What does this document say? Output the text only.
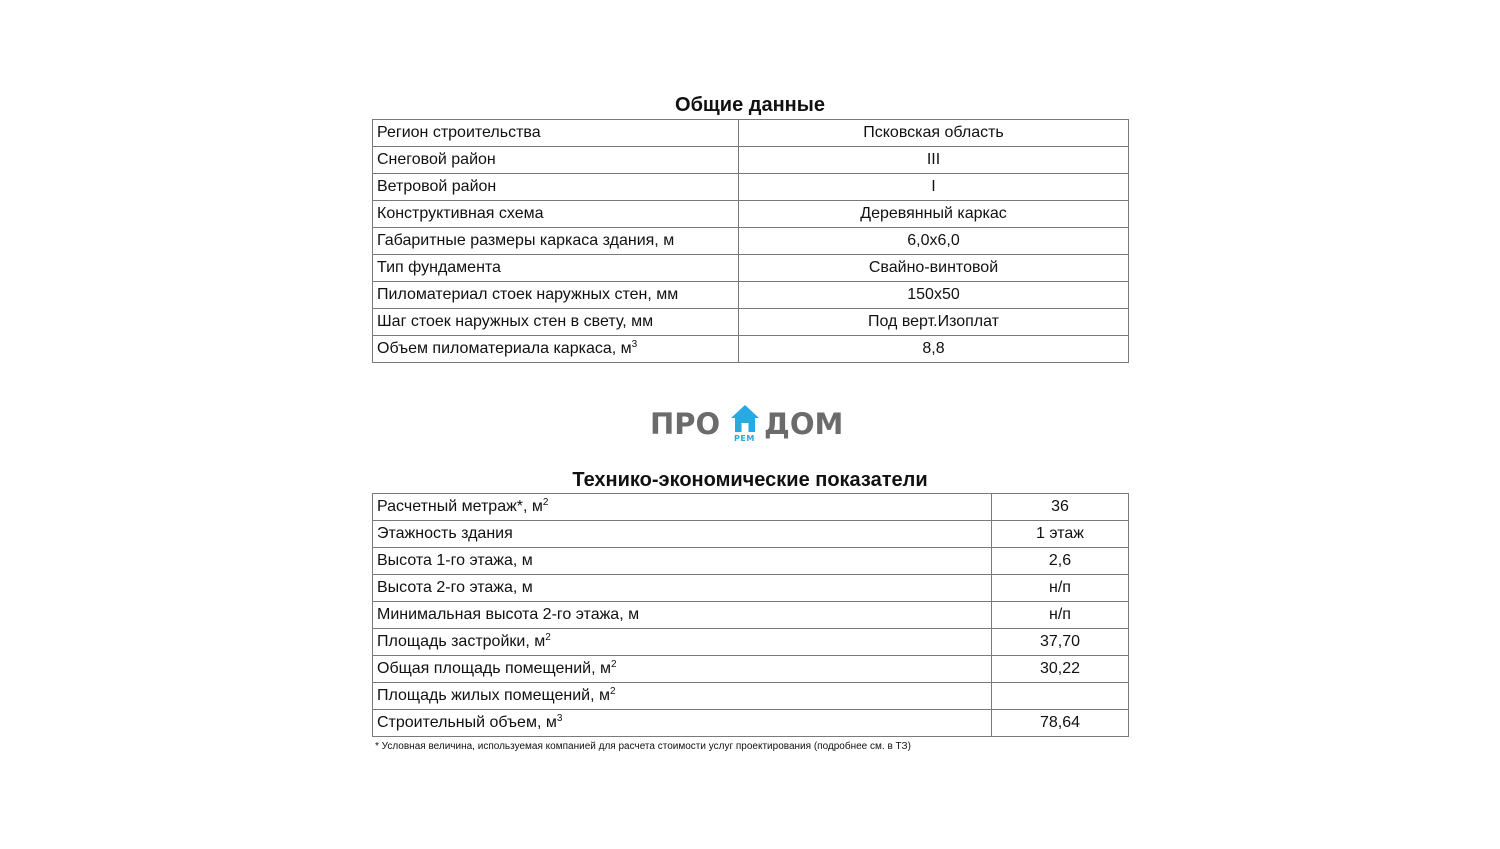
Общие данные
Регион строительства	Псковская область
Снеговой район	III
Ветровой район	I
Конструктивная схема	Деревянный каркас
Габаритные размеры каркаса здания, м	6,0х6,0
Тип фундамента	Свайно-винтовой
Пиломатериал стоек наружных стен, мм	150х50
Шаг стоек наружных стен в свету, мм	Под верт.Изоплат
Объем пиломатериала каркаса, $м^3$	8,8
ПРО РЕМ ДОМ
Технико-экономические показатели
Расчетный метраж*, $м^2$	36
Этажность здания	1 этаж
Высота 1-го этажа, м	2,6
Высота 2-го этажа, м	н/п
Минимальная высота 2-го этажа, м	н/п
Площадь застройки, $м^2$	37,70
Общая площадь помещений, $м^2$	30,22
Площадь жилых помещений, $м^2$	
Строительный объем, $м^3$	78,64
* Условная величина, используемая компанией для расчета стоимости услуг проектирования (подробнее см. в ТЗ)
